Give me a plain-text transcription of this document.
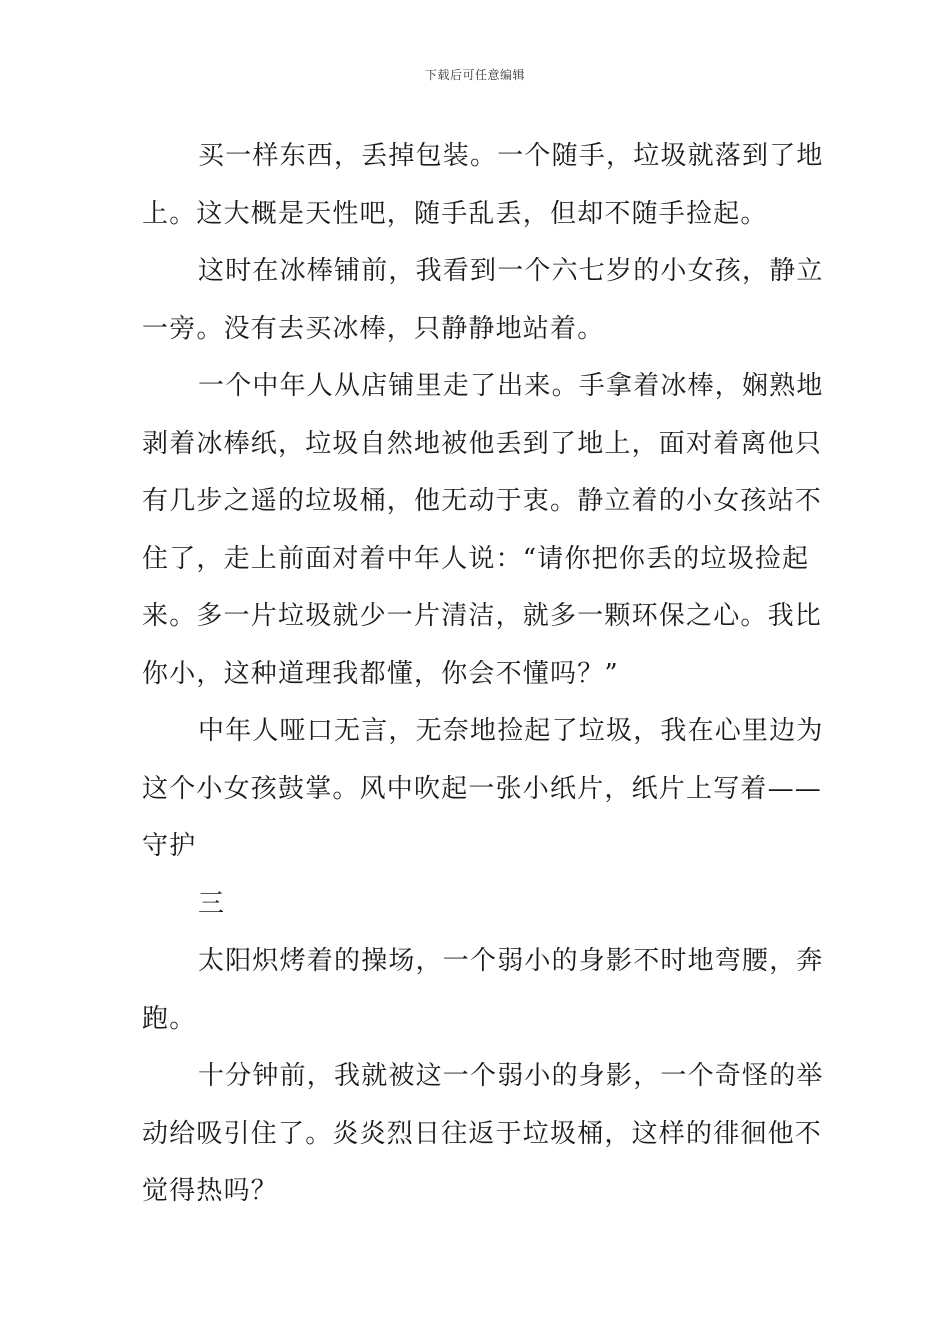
下载后可任意编辑
买一样东西，丢掉包装。一个随手，垃圾就落到了地
上。这大概是天性吧，随手乱丢，但却不随手捡起。
这时在冰棒铺前，我看到一个六七岁的小女孩，静立
一旁。没有去买冰棒，只静静地站着。
一个中年人从店铺里走了出来。手拿着冰棒，娴熟地
剥着冰棒纸，垃圾自然地被他丢到了地上，面对着离他只
有几步之遥的垃圾桶，他无动于衷。静立着的小女孩站不
住了，走上前面对着中年人说：“请你把你丢的垃圾捡起
来。多一片垃圾就少一片清洁，就多一颗环保之心。我比
你小，这种道理我都懂，你会不懂吗？”
中年人哑口无言，无奈地捡起了垃圾，我在心里边为
这个小女孩鼓掌。风中吹起一张小纸片，纸片上写着——
守护
三
太阳炽烤着的操场，一个弱小的身影不时地弯腰，奔
跑。
十分钟前，我就被这一个弱小的身影，一个奇怪的举
动给吸引住了。炎炎烈日往返于垃圾桶，这样的徘徊他不
觉得热吗？
